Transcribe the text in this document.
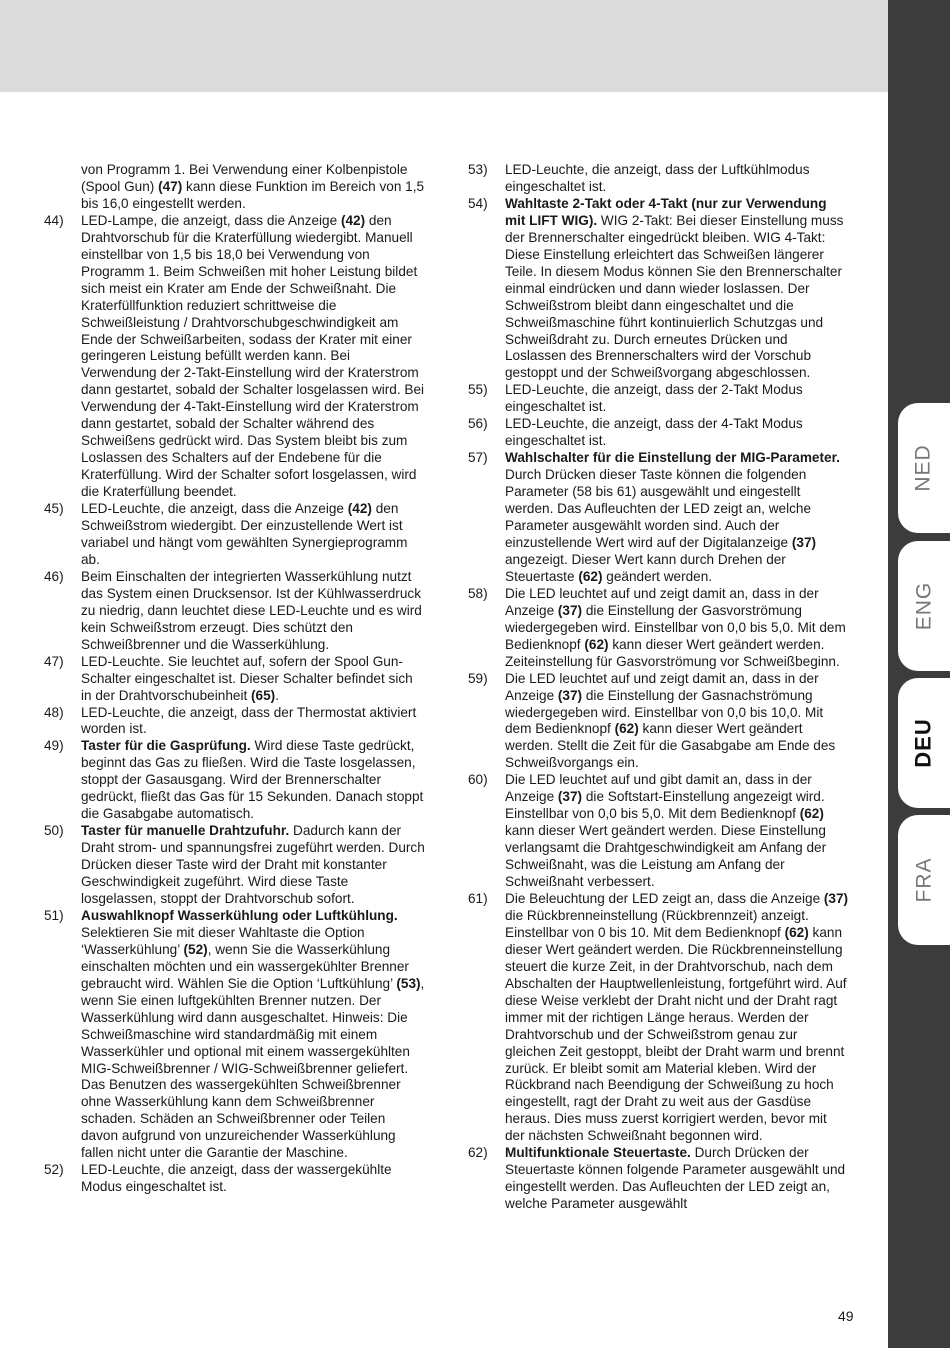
NED
ENG
DEU
FRA
von Programm 1. Bei Verwendung einer Kolbenpistole (Spool Gun) (47) kann diese Funktion im Bereich von 1,5 bis 16,0 eingestellt werden.
44)	LED-Lampe, die anzeigt, dass die Anzeige (42) den Drahtvorschub für die Kraterfüllung wiedergibt. Manuell einstellbar von 1,5 bis 18,0 bei Verwendung von Programm 1. Beim Schweißen mit hoher Leistung bildet sich meist ein Krater am Ende der Schweißnaht. Die Kraterfüllfunktion reduziert schrittweise die Schweißleistung / Drahtvorschubgeschwindigkeit am Ende der Schweißarbeiten, sodass der Krater mit einer geringeren Leistung befüllt werden kann. Bei Verwendung der 2-Takt-Einstellung wird der Kraterstrom dann gestartet, sobald der Schalter losgelassen wird. Bei Verwendung der 4-Takt-Einstellung wird der Kraterstrom dann gestartet, sobald der Schalter während des Schweißens gedrückt wird. Das System bleibt bis zum Loslassen des Schalters auf der Endebene für die Kraterfüllung. Wird der Schalter sofort losgelassen, wird die Kraterfüllung beendet.
45)	LED-Leuchte, die anzeigt, dass die Anzeige (42) den Schweißstrom wiedergibt. Der einzustellende Wert ist variabel und hängt vom gewählten Synergieprogramm ab.
46)	Beim Einschalten der integrierten Wasserkühlung nutzt das System einen Drucksensor. Ist der Kühlwasserdruck zu niedrig, dann leuchtet diese LED-Leuchte und es wird kein Schweißstrom erzeugt. Dies schützt den Schweißbrenner und die Wasserkühlung.
47)	LED-Leuchte. Sie leuchtet auf, sofern der Spool Gun-Schalter eingeschaltet ist. Dieser Schalter befindet sich in der Drahtvorschubeinheit (65).
48)	LED-Leuchte, die anzeigt, dass der Thermostat aktiviert worden ist.
49)	Taster für die Gasprüfung. Wird diese Taste gedrückt, beginnt das Gas zu fließen. Wird die Taste losgelassen, stoppt der Gasausgang. Wird der Brennerschalter gedrückt, fließt das Gas für 15 Sekunden. Danach stoppt die Gasabgabe automatisch.
50)	Taster für manuelle Drahtzufuhr. Dadurch kann der Draht strom- und spannungsfrei zugeführt werden. Durch Drücken dieser Taste wird der Draht mit konstanter Geschwindigkeit zugeführt. Wird diese Taste losgelassen, stoppt der Drahtvorschub sofort.
51)	Auswahlknopf Wasserkühlung oder Luftkühlung. Selektieren Sie mit dieser Wahltaste die Option ‘Wasserkühlung’ (52), wenn Sie die Wasserkühlung einschalten möchten und ein wassergekühlter Brenner gebraucht wird. Wählen Sie die Option ‘Luftkühlung’ (53), wenn Sie einen luftgekühlten Brenner nutzen. Der Wasserkühlung wird dann ausgeschaltet. Hinweis: Die Schweißmaschine wird standardmäßig mit einem Wasserkühler und optional mit einem wassergekühlten MIG-Schweißbrenner / WIG-Schweißbrenner geliefert. Das Benutzen des wassergekühlten Schweißbrenner ohne Wasserkühlung kann dem Schweißbrenner schaden. Schäden an Schweißbrenner oder Teilen davon aufgrund von unzureichender Wasserkühlung fallen nicht unter die Garantie der Maschine.
52)	LED-Leuchte, die anzeigt, dass der wassergekühlte Modus eingeschaltet ist.
53)	LED-Leuchte, die anzeigt, dass der Luftkühlmodus eingeschaltet ist.
54)	Wahltaste 2-Takt oder 4-Takt (nur zur Verwendung mit LIFT WIG). WIG 2-Takt: Bei dieser Einstellung muss der Brennerschalter eingedrückt bleiben. WIG 4-Takt: Diese Einstellung erleichtert das Schweißen längerer Teile. In diesem Modus können Sie den Brennerschalter einmal eindrücken und dann wieder loslassen. Der Schweißstrom bleibt dann eingeschaltet und die Schweißmaschine führt kontinuierlich Schutzgas und Schweißdraht zu. Durch erneutes Drücken und Loslassen des Brennerschalters wird der Vorschub gestoppt und der Schweißvorgang abgeschlossen.
55)	LED-Leuchte, die anzeigt, dass der 2-Takt Modus eingeschaltet ist.
56)	LED-Leuchte, die anzeigt, dass der 4-Takt Modus eingeschaltet ist.
57)	Wahlschalter für die Einstellung der MIG-Parameter. Durch Drücken dieser Taste können die folgenden Parameter (58 bis 61) ausgewählt und eingestellt werden. Das Aufleuchten der LED zeigt an, welche Parameter ausgewählt worden sind. Auch der einzustellende Wert wird auf der Digitalanzeige (37) angezeigt. Dieser Wert kann durch Drehen der Steuertaste (62) geändert werden.
58)	Die LED leuchtet auf und zeigt damit an, dass in der Anzeige (37) die Einstellung der Gasvorströmung wiedergegeben wird. Einstellbar von 0,0 bis 5,0. Mit dem Bedienknopf (62) kann dieser Wert geändert werden. Zeiteinstellung für Gasvorströmung vor Schweißbeginn.
59)	Die LED leuchtet auf und zeigt damit an, dass in der Anzeige (37) die Einstellung der Gasnachströmung wiedergegeben wird. Einstellbar von 0,0 bis 10,0. Mit dem Bedienknopf (62) kann dieser Wert geändert werden. Stellt die Zeit für die Gasabgabe am Ende des Schweißvorgangs ein.
60)	Die LED leuchtet auf und gibt damit an, dass in der Anzeige (37) die Softstart-Einstellung angezeigt wird. Einstellbar von 0,0 bis 5,0. Mit dem Bedienknopf (62) kann dieser Wert geändert werden. Diese Einstellung verlangsamt die Drahtgeschwindigkeit am Anfang der Schweißnaht, was die Leistung am Anfang der Schweißnaht verbessert.
61)	Die Beleuchtung der LED zeigt an, dass die Anzeige (37) die Rückbrenneinstellung (Rückbrennzeit) anzeigt. Einstellbar von 0 bis 10. Mit dem Bedienknopf (62) kann dieser Wert geändert werden. Die Rückbrenneinstellung steuert die kurze Zeit, in der Drahtvorschub, nach dem Abschalten der Hauptwellenleistung, fortgeführt wird. Auf diese Weise verklebt der Draht nicht und der Draht ragt immer mit der richtigen Länge heraus. Werden der Drahtvorschub und der Schweißstrom genau zur gleichen Zeit gestoppt, bleibt der Draht warm und brennt zurück. Er bleibt somit am Material kleben. Wird der Rückbrand nach Beendigung der Schweißung zu hoch eingestellt, ragt der Draht zu weit aus der Gasdüse heraus. Dies muss zuerst korrigiert werden, bevor mit der nächsten Schweißnaht begonnen wird.
62)	Multifunktionale Steuertaste. Durch Drücken der Steuertaste können folgende Parameter ausgewählt und eingestellt werden. Das Aufleuchten der LED zeigt an, welche Parameter ausgewählt
49
